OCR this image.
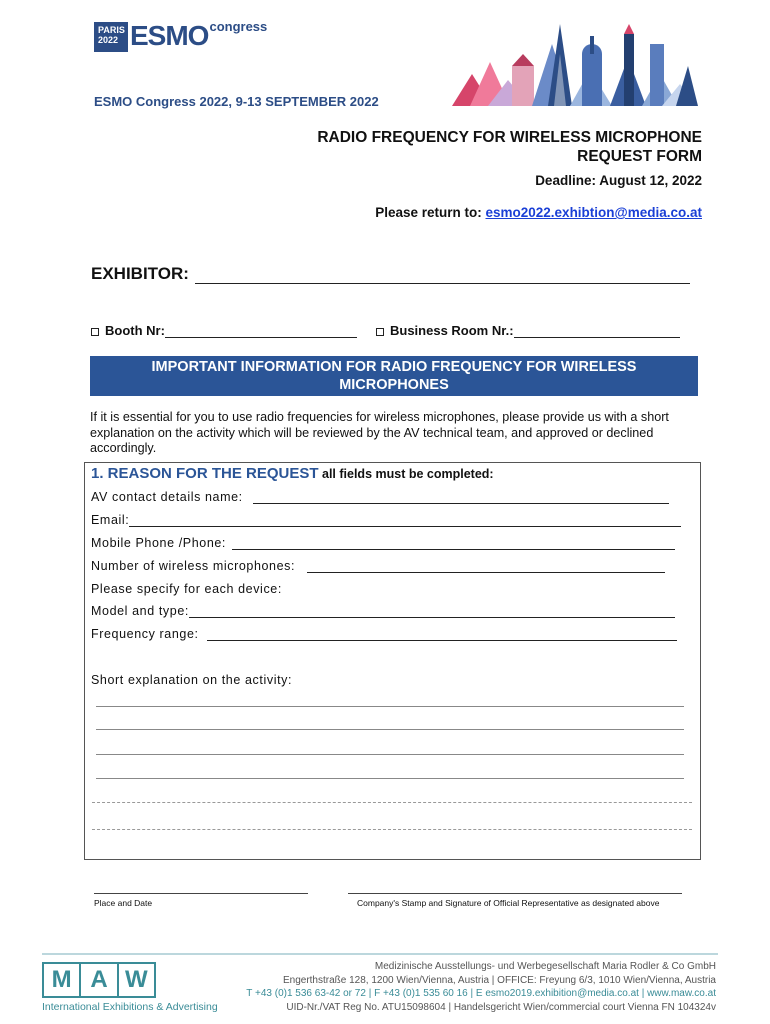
PARIS
2022 ESMO congress
ESMO Congress 2022, 9-13 SEPTEMBER 2022
RADIO FREQUENCY FOR WIRELESS MICROPHONE
REQUEST FORM
Deadline: August 12, 2022
Please return to: esmo2022.exhibtion@media.co.at
EXHIBITOR:
Booth Nr:	Business Room Nr.:
IMPORTANT INFORMATION FOR RADIO FREQUENCY FOR WIRELESS
MICROPHONES
If it is essential for you to use radio frequencies for wireless microphones, please provide us with a short explanation on the activity which will be reviewed by the AV technical team, and approved or declined accordingly.
1. REASON FOR THE REQUEST all fields must be completed:
AV contact details name:
Email:
Mobile Phone /Phone:
Number of wireless microphones:
Please specify for each device:
Model and type:
Frequency range:
Short explanation on the activity:
Place and Date	Company's Stamp and Signature of Official Representative as designated above
M A W
International Exhibitions & Advertising
Medizinische Ausstellungs- und Werbegesellschaft Maria Rodler & Co GmbH
Engerthstraße 128, 1200 Wien/Vienna, Austria | OFFICE: Freyung 6/3, 1010 Wien/Vienna, Austria
T +43 (0)1 536 63-42 or 72 | F +43 (0)1 535 60 16 | E esmo2019.exhibition@media.co.at | www.maw.co.at
UID-Nr./VAT Reg No. ATU15098604 | Handelsgericht Wien/commercial court Vienna FN 104324v
